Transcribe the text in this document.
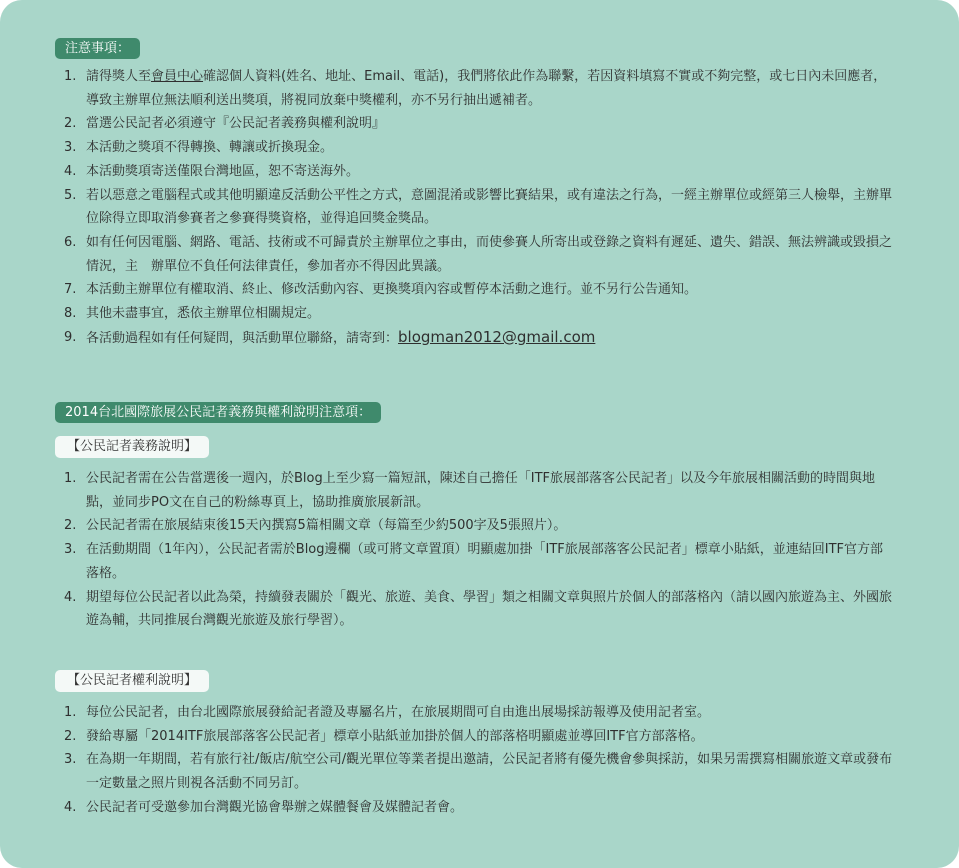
注意事項：
1. 請得獎人至會員中心確認個人資料(姓名、地址、Email、電話)，我們將依此作為聯繫，若因資料填寫不實或不夠完整，或七日內未回應者，導致主辦單位無法順利送出獎項，將視同放棄中獎權利，亦不另行抽出遞補者。
2. 當選公民記者必須遵守『公民記者義務與權利說明』
3. 本活動之獎項不得轉換、轉讓或折換現金。
4. 本活動獎項寄送僅限台灣地區，恕不寄送海外。
5. 若以惡意之電腦程式或其他明顯違反活動公平性之方式，意圖混淆或影響比賽結果，或有違法之行為，一經主辦單位或經第三人檢舉，主辦單位除得立即取消參賽者之參賽得獎資格，並得追回獎金獎品。
6. 如有任何因電腦、網路、電話、技術或不可歸責於主辦單位之事由，而使參賽人所寄出或登錄之資料有遲延、遺失、錯誤、無法辨識或毀損之情況，主　辦單位不負任何法律責任，參加者亦不得因此異議。
7. 本活動主辦單位有權取消、終止、修改活動內容、更換獎項內容或暫停本活動之進行。並不另行公告通知。
8. 其他未盡事宜，悉依主辦單位相關規定。
9. 各活動過程如有任何疑問，與活動單位聯絡，請寄到：blogman2012@gmail.com
2014台北國際旅展公民記者義務與權利說明注意項：
【公民記者義務說明】
1. 公民記者需在公告當選後一週內，於Blog上至少寫一篇短訊，陳述自己擔任「ITF旅展部落客公民記者」以及今年旅展相關活動的時間與地點，並同步PO文在自己的粉絲專頁上，協助推廣旅展新訊。
2. 公民記者需在旅展結束後15天內撰寫5篇相關文章（每篇至少約500字及5張照片）。
3. 在活動期間（1年內），公民記者需於Blog邊欄（或可將文章置頂）明顯處加掛「ITF旅展部落客公民記者」標章小貼紙，並連結回ITF官方部落格。
4. 期望每位公民記者以此為榮，持續發表關於「觀光、旅遊、美食、學習」類之相關文章與照片於個人的部落格內（請以國內旅遊為主、外國旅遊為輔，共同推展台灣觀光旅遊及旅行學習）。
【公民記者權利說明】
1. 每位公民記者，由台北國際旅展發給記者證及專屬名片，在旅展期間可自由進出展場採訪報導及使用記者室。
2. 發給專屬「2014ITF旅展部落客公民記者」標章小貼紙並加掛於個人的部落格明顯處並導回ITF官方部落格。
3. 在為期一年期間，若有旅行社/飯店/航空公司/觀光單位等業者提出邀請，公民記者將有優先機會參與採訪，如果另需撰寫相關旅遊文章或發布一定數量之照片則視各活動不同另訂。
4. 公民記者可受邀參加台灣觀光協會舉辦之媒體餐會及媒體記者會。
